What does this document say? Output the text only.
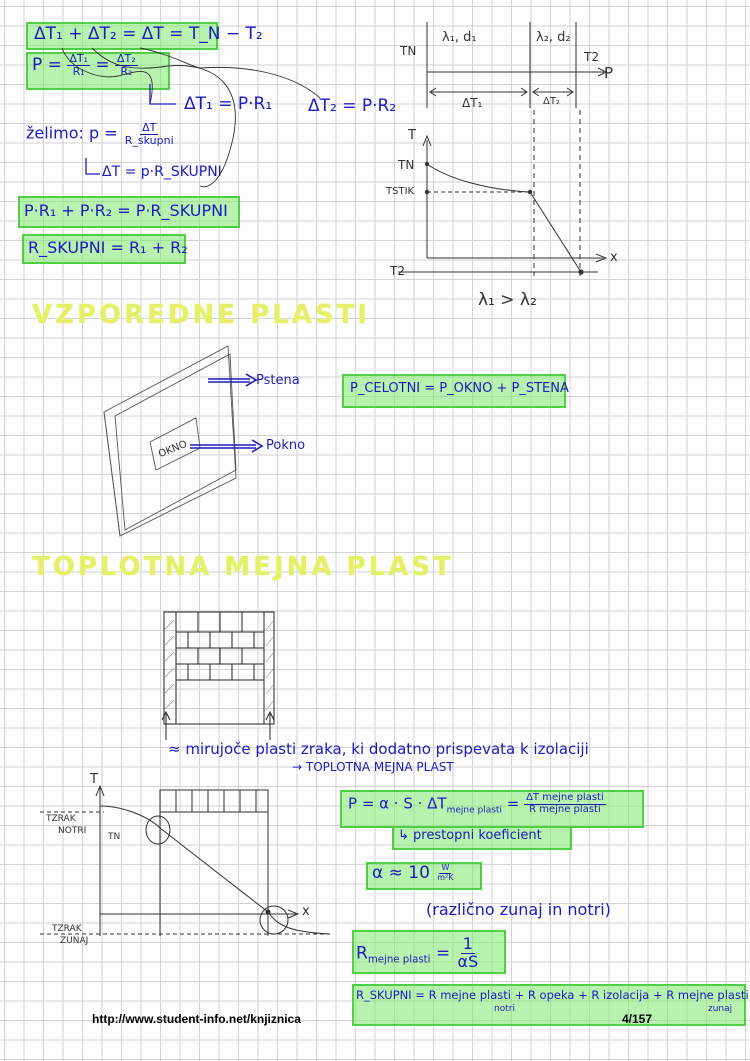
ΔT₁ + ΔT₂ = ΔT = T_N − T₂
$P = \frac{\text{ΔT₁}}{\text{R₁}} = \frac{\text{ΔT₂}}{\text{R₂}}$
ΔT₁ = P·R₁ ΔT₂ = P·R₂
želimo: $p = \frac{\Delta T}{\text{R\_skupni}}$
ΔT = p·R_SKUPNI
P·R₁ + P·R₂ = P·R_SKUPNI
R_SKUPNI = R₁ + R₂
TN	T2
λ₁, d₁	λ₂, d₂
P
ΔT₁	ΔT₂
T
x
TN
TSTIK
T2
λ₁ > λ₂
VZPOREDNE PLASTI
Pstena
Pokno
OKNO
P_CELOTNI = P_OKNO + P_STENA
TOPLOTNA MEJNA PLAST
≈ mirujoče plasti zraka, ki dodatno prispevata k izolaciji
→ TOPLOTNA MEJNA PLAST
T
x
TZRAK
NOTRI
TN
TZRAK
ZUNAJ
$P = \alpha \cdot S \cdot \Delta T_{mejne plasti} = \frac{\text{ΔT mejne plasti}}{\text{R mejne plasti}}$
↳ prestopni koeficient
$\alpha \approx 10 \frac{W}{\text{m²K}}$
(različno zunaj in notri)
$R_{mejne plasti} = \frac{1}{\alpha S}$
R_SKUPNI = R mejne plasti + R opeka + R izolacija + R mejne plasti
notri	zunaj
http://www.student-info.net/knjiznica	4/157
